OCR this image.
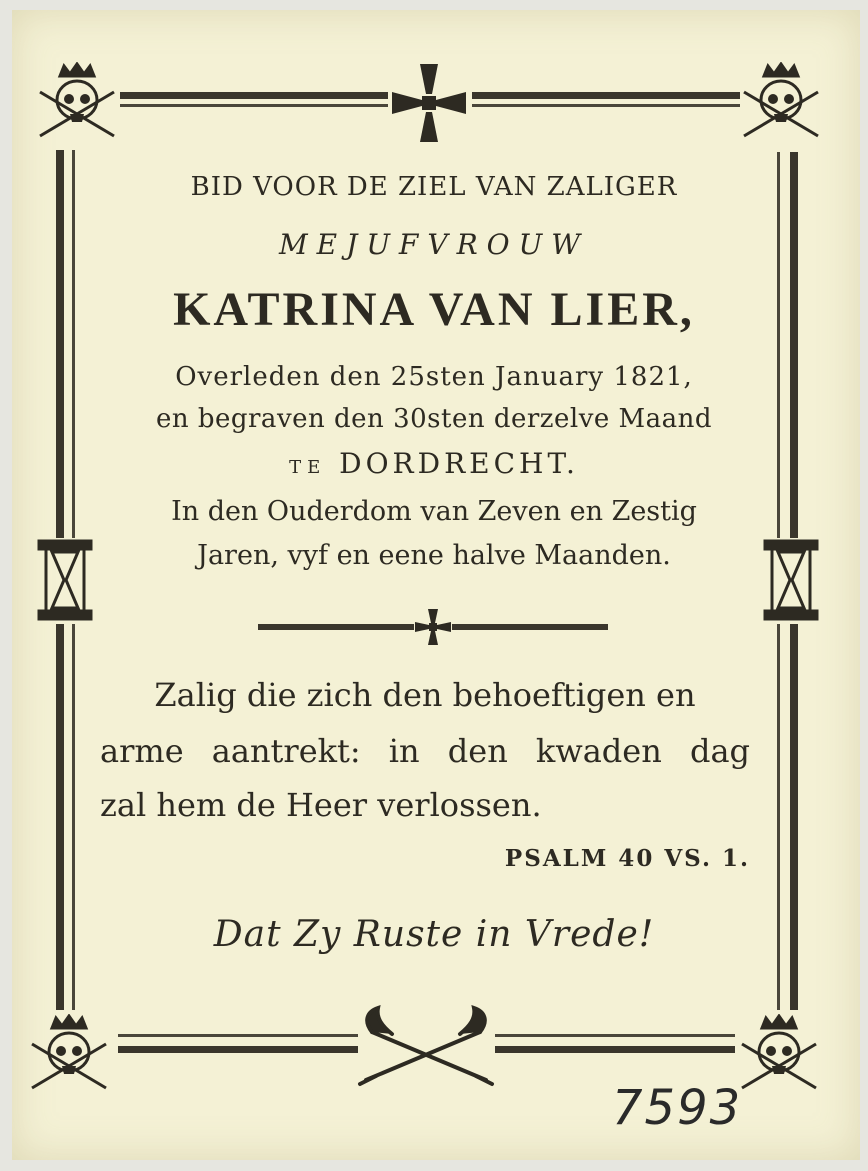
BID VOOR DE ZIEL VAN ZALIGER
MEJUFVROUW
KATRINA VAN LIER,
Overleden den 25sten January 1821,
en begraven den 30sten derzelve Maand
TE DORDRECHT.
In den Ouderdom van Zeven en Zestig
Jaren, vyf en eene halve Maanden.
Zalig die zich den behoeftigen en
arme aantrekt: in den kwaden dag
zal hem de Heer verlossen.
PSALM 40 VS. 1.
Dat Zy Ruste in Vrede!
7593
